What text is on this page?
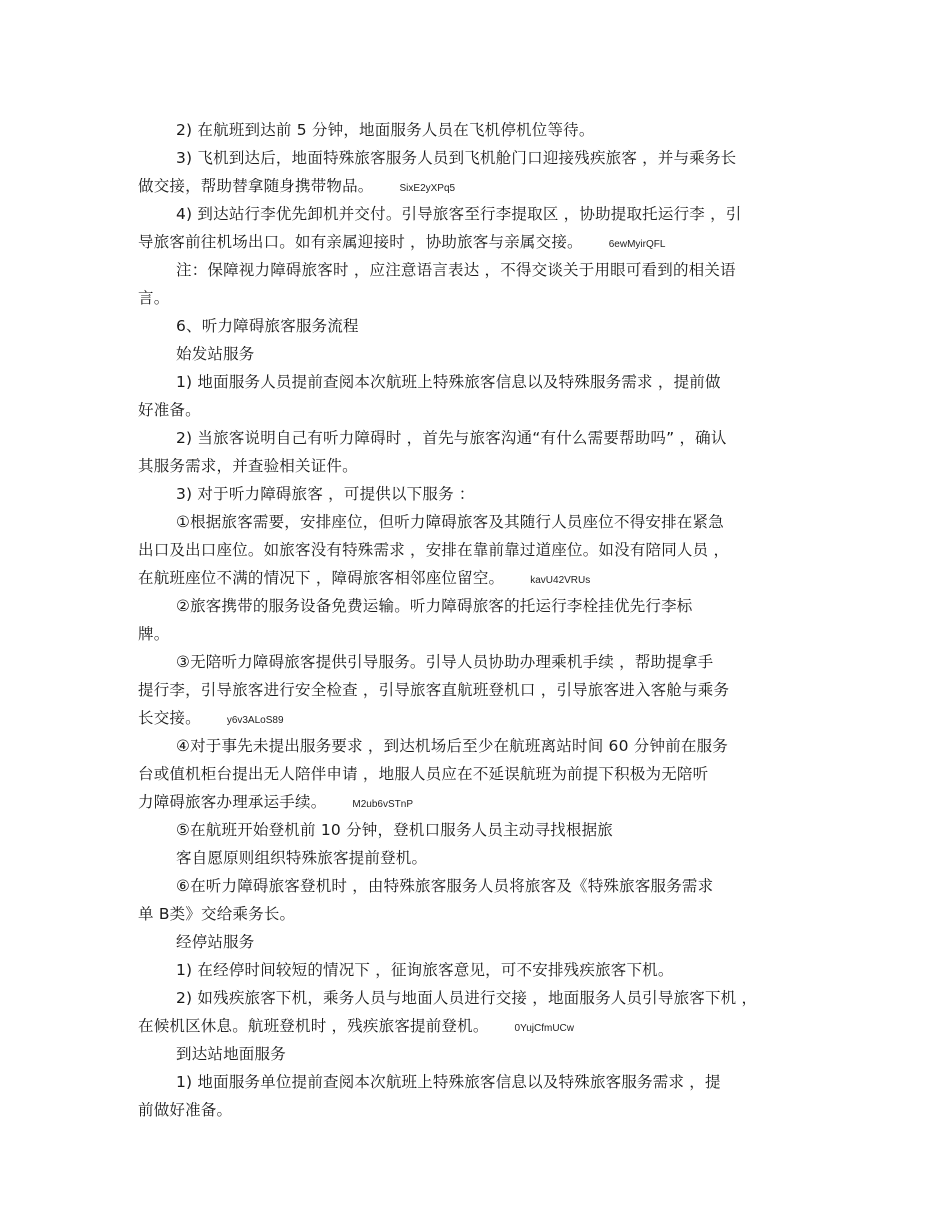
2) 在航班到达前 5 分钟，地面服务人员在飞机停机位等待。
3) 飞机到达后，地面特殊旅客服务人员到飞机舱门口迎接残疾旅客 ，并与乘务长
做交接，帮助替拿随身携带物品。	SixE2yXPq5
4) 到达站行李优先卸机并交付。引导旅客至行李提取区 ，协助提取托运行李 ，引
导旅客前往机场出口。如有亲属迎接时 ，协助旅客与亲属交接。	6ewMyirQFL
注：保障视力障碍旅客时 ，应注意语言表达 ，不得交谈关于用眼可看到的相关语
言。
6、听力障碍旅客服务流程
始发站服务
1) 地面服务人员提前查阅本次航班上特殊旅客信息以及特殊服务需求 ，提前做
好准备。
2) 当旅客说明自己有听力障碍时 ，首先与旅客沟通“有什么需要帮助吗” ，确认
其服务需求，并查验相关证件。
3) 对于听力障碍旅客 ，可提供以下服务 ：
①根据旅客需要，安排座位，但听力障碍旅客及其随行人员座位不得安排在紧急
出口及出口座位。如旅客没有特殊需求 ，安排在靠前靠过道座位。如没有陪同人员 ，
在航班座位不满的情况下 ，障碍旅客相邻座位留空。	kavU42VRUs
②旅客携带的服务设备免费运输。听力障碍旅客的托运行李栓挂优先行李标
牌。
③无陪听力障碍旅客提供引导服务。引导人员协助办理乘机手续 ，帮助提拿手
提行李，引导旅客进行安全检查 ，引导旅客直航班登机口 ，引导旅客进入客舱与乘务
长交接。	y6v3ALoS89
④对于事先未提出服务要求 ，到达机场后至少在航班离站时间 60 分钟前在服务
台或值机柜台提出无人陪伴申请 ，地服人员应在不延误航班为前提下积极为无陪听
力障碍旅客办理承运手续。	M2ub6vSTnP
⑤在航班开始登机前 10 分钟，登机口服务人员主动寻找根据旅
客自愿原则组织特殊旅客提前登机。
⑥在听力障碍旅客登机时 ，由特殊旅客服务人员将旅客及《特殊旅客服务需求
单 B类》交给乘务长。
经停站服务
1) 在经停时间较短的情况下 ，征询旅客意见，可不安排残疾旅客下机。
2) 如残疾旅客下机，乘务人员与地面人员进行交接 ，地面服务人员引导旅客下机 ，
在候机区休息。航班登机时 ，残疾旅客提前登机。	0YujCfmUCw
到达站地面服务
1) 地面服务单位提前查阅本次航班上特殊旅客信息以及特殊旅客服务需求 ，提
前做好准备。
